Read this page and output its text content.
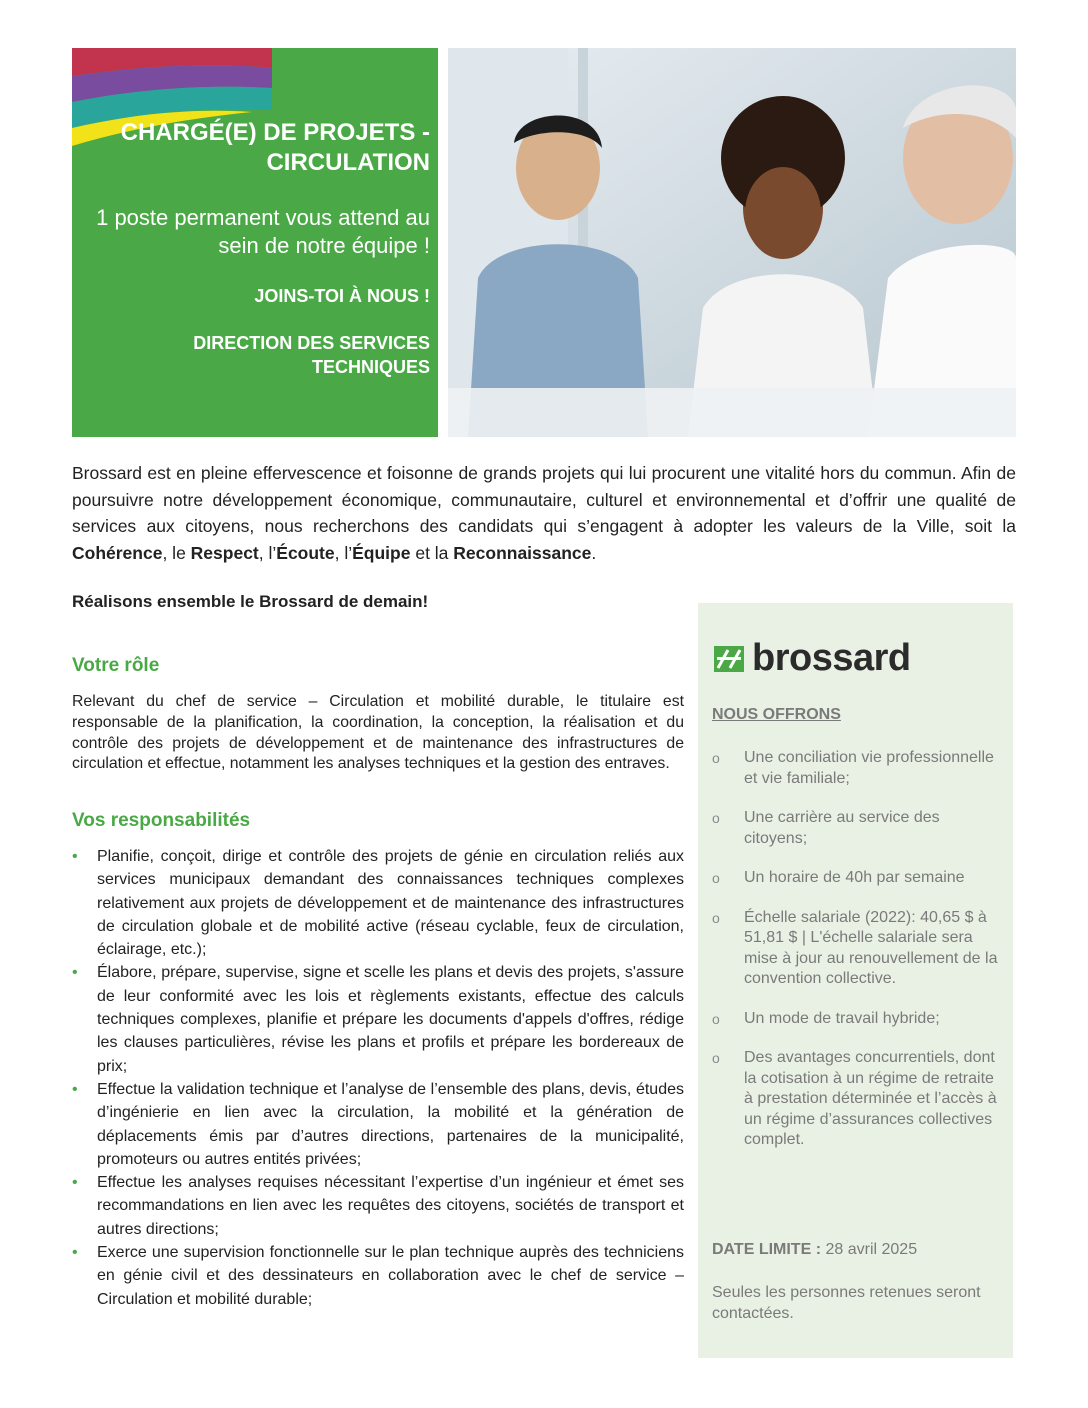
CHARGÉ(E) DE PROJETS - CIRCULATION
1 poste permanent vous attend au sein de notre équipe !
JOINS-TOI À NOUS !
DIRECTION DES SERVICES TECHNIQUES
Brossard est en pleine effervescence et foisonne de grands projets qui lui procurent une vitalité hors du commun. Afin de poursuivre notre développement économique, communautaire, culturel et environnemental et d’offrir une qualité de services aux citoyens, nous recherchons des candidats qui s’engagent à adopter les valeurs de la Ville, soit la Cohérence, le Respect, l’Écoute, l’Équipe et la Reconnaissance.
Réalisons ensemble le Brossard de demain!
Votre rôle
Relevant du chef de service – Circulation et mobilité durable, le titulaire est responsable de la planification, la coordination, la conception, la réalisation et du contrôle des projets de développement et de maintenance des infrastructures de circulation et effectue, notamment les analyses techniques et la gestion des entraves.
Vos responsabilités
• Planifie, conçoit, dirige et contrôle des projets de génie en circulation reliés aux services municipaux demandant des connaissances techniques complexes relativement aux projets de développement et de maintenance des infrastructures de circulation globale et de mobilité active (réseau cyclable, feux de circulation, éclairage, etc.);
• Élabore, prépare, supervise, signe et scelle les plans et devis des projets, s'assure de leur conformité avec les lois et règlements existants, effectue des calculs techniques complexes, planifie et prépare les documents d'appels d'offres, rédige les clauses particulières, révise les plans et profils et prépare les bordereaux de prix;
• Effectue la validation technique et l’analyse de l’ensemble des plans, devis, études d’ingénierie en lien avec la circulation, la mobilité et la génération de déplacements émis par d’autres directions, partenaires de la municipalité, promoteurs ou autres entités privées;
• Effectue les analyses requises nécessitant l’expertise d’un ingénieur et émet ses recommandations en lien avec les requêtes des citoyens, sociétés de transport et autres directions;
• Exerce une supervision fonctionnelle sur le plan technique auprès des techniciens en génie civil et des dessinateurs en collaboration avec le chef de service – Circulation et mobilité durable;
brossard
NOUS OFFRONS
o Une conciliation vie professionnelle et vie familiale;
o Une carrière au service des citoyens;
o Un horaire de 40h par semaine
o Échelle salariale (2022): 40,65 $ à 51,81 $ | L'échelle salariale sera mise à jour au renouvellement de la convention collective.
o Un mode de travail hybride;
o Des avantages concurrentiels, dont la cotisation à un régime de retraite à prestation déterminée et l’accès à un régime d’assurances collectives complet.
DATE LIMITE : 28 avril 2025
Seules les personnes retenues seront contactées.
